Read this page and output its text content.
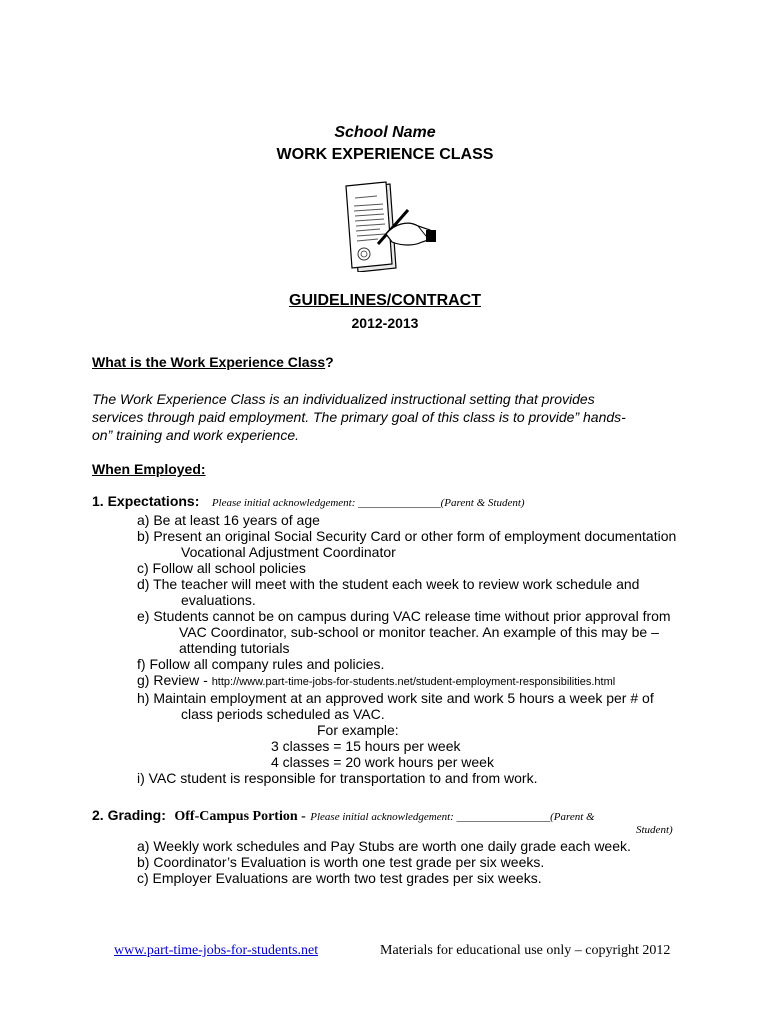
School Name
WORK EXPERIENCE CLASS
GUIDELINES/CONTRACT
2012-2013
What is the Work Experience Class?
The Work Experience Class is an individualized instructional setting that provides
services through paid employment. The primary goal of this class is to provide” hands-
on” training and work experience.
When Employed:
1. Expectations: Please initial acknowledgement: _______________(Parent & Student)
a) Be at least 16 years of age
b) Present an original Social Security Card or other form of employment documentation
Vocational Adjustment Coordinator
c) Follow all school policies
d) The teacher will meet with the student each week to review work schedule and
evaluations.
e) Students cannot be on campus during VAC release time without prior approval from
VAC Coordinator, sub-school or monitor teacher. An example of this may be –
attending tutorials
f) Follow all company rules and policies.
g) Review - http://www.part-time-jobs-for-students.net/student-employment-responsibilities.html
h) Maintain employment at an approved work site and work 5 hours a week per # of
class periods scheduled as VAC.
For example:
3 classes = 15 hours per week
4 classes = 20 work hours per week
i) VAC student is responsible for transportation to and from work.
2. Grading: Off-Campus Portion - Please initial acknowledgement: _________________(Parent &
Student)
a) Weekly work schedules and Pay Stubs are worth one daily grade each week.
b) Coordinator’s Evaluation is worth one test grade per six weeks.
c) Employer Evaluations are worth two test grades per six weeks.
www.part-time-jobs-for-students.net	Materials for educational use only – copyright 2012
